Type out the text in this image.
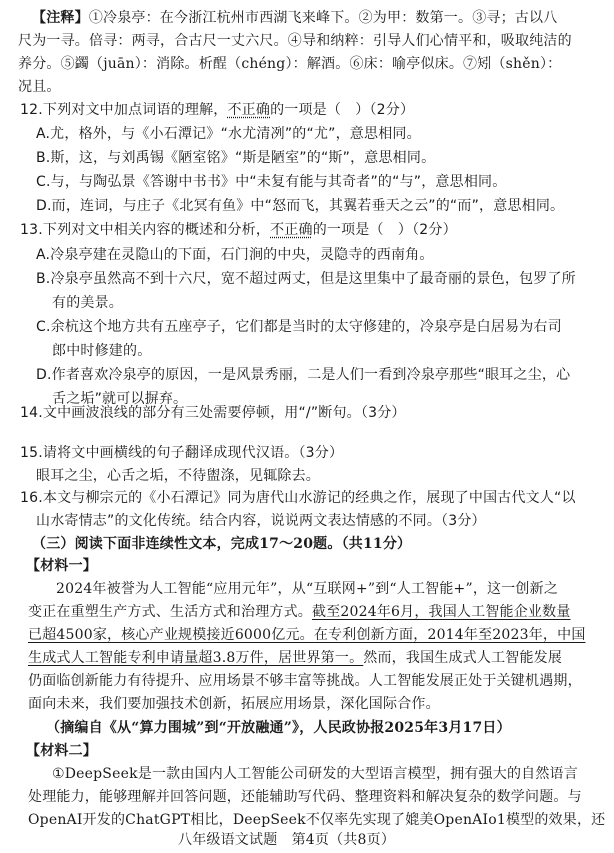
【注释】①冷泉亭：在今浙江杭州市西湖飞来峰下。②为甲：数第一。③寻；古以八
尺为一寻。倍寻：两寻，合古尺一丈六尺。④导和纳粹：引导人们心情平和，吸取纯洁的
养分。⑤蠲（juān）：消除。析酲（chéng）：解酒。⑥床：喻亭似床。⑦矧（shěn）：
况且。
12.下列对文中加点词语的理解，不正确的一项是（　）（2分）
A.尤，格外，与《小石潭记》“水尤清冽”的“尤”，意思相同。
B.斯，这，与刘禹锡《陋室铭》“斯是陋室”的“斯”，意思相同。
C.与，与陶弘景《答谢中书书》中“未复有能与其奇者”的“与”，意思相同。
D.而，连词，与庄子《北冥有鱼》中“怒而飞，其翼若垂天之云”的“而”，意思相同。
13.下列对文中相关内容的概述和分析，不正确的一项是（　）（2分）
A.冷泉亭建在灵隐山的下面，石门涧的中央，灵隐寺的西南角。
B.冷泉亭虽然高不到十六尺，宽不超过两丈，但是这里集中了最奇丽的景色，包罗了所
有的美景。
C.余杭这个地方共有五座亭子，它们都是当时的太守修建的，冷泉亭是白居易为右司
郎中时修建的。
D.作者喜欢冷泉亭的原因，一是风景秀丽，二是人们一看到冷泉亭那些“眼耳之尘，心
舌之垢”就可以摒弃。
14.文中画波浪线的部分有三处需要停顿，用“/”断句。（3分）
15.请将文中画横线的句子翻译成现代汉语。（3分）
眼耳之尘，心舌之垢，不待盥涤，见辄除去。
16.本文与柳宗元的《小石潭记》同为唐代山水游记的经典之作，展现了中国古代文人“以
山水寄情志”的文化传统。结合内容，说说两文表达情感的不同。（3分）
（三）阅读下面非连续性文本，完成17～20题。（共11分）
【材料一】
2024年被誉为人工智能“应用元年”，从“互联网+”到“人工智能+”，这一创新之
变正在重塑生产方式、生活方式和治理方式。截至2024年6月，我国人工智能企业数量
已超4500家，核心产业规模接近6000亿元。在专利创新方面，2014年至2023年，中国
生成式人工智能专利申请量超3.8万件，居世界第一。然而，我国生成式人工智能发展
仍面临创新能力有待提升、应用场景不够丰富等挑战。人工智能发展正处于关键机遇期，
面向未来，我们要加强技术创新，拓展应用场景，深化国际合作。
（摘编自《从“算力围城”到“开放融通”》，人民政协报2025年3月17日）
【材料二】
①DeepSeek是一款由国内人工智能公司研发的大型语言模型，拥有强大的自然语言
处理能力，能够理解并回答问题，还能辅助写代码、整理资料和解决复杂的数学问题。与
OpenAI开发的ChatGPT相比，DeepSeek不仅率先实现了媲美OpenAIo1模型的效果，还
八年级语文试题　第4页（共8页）
